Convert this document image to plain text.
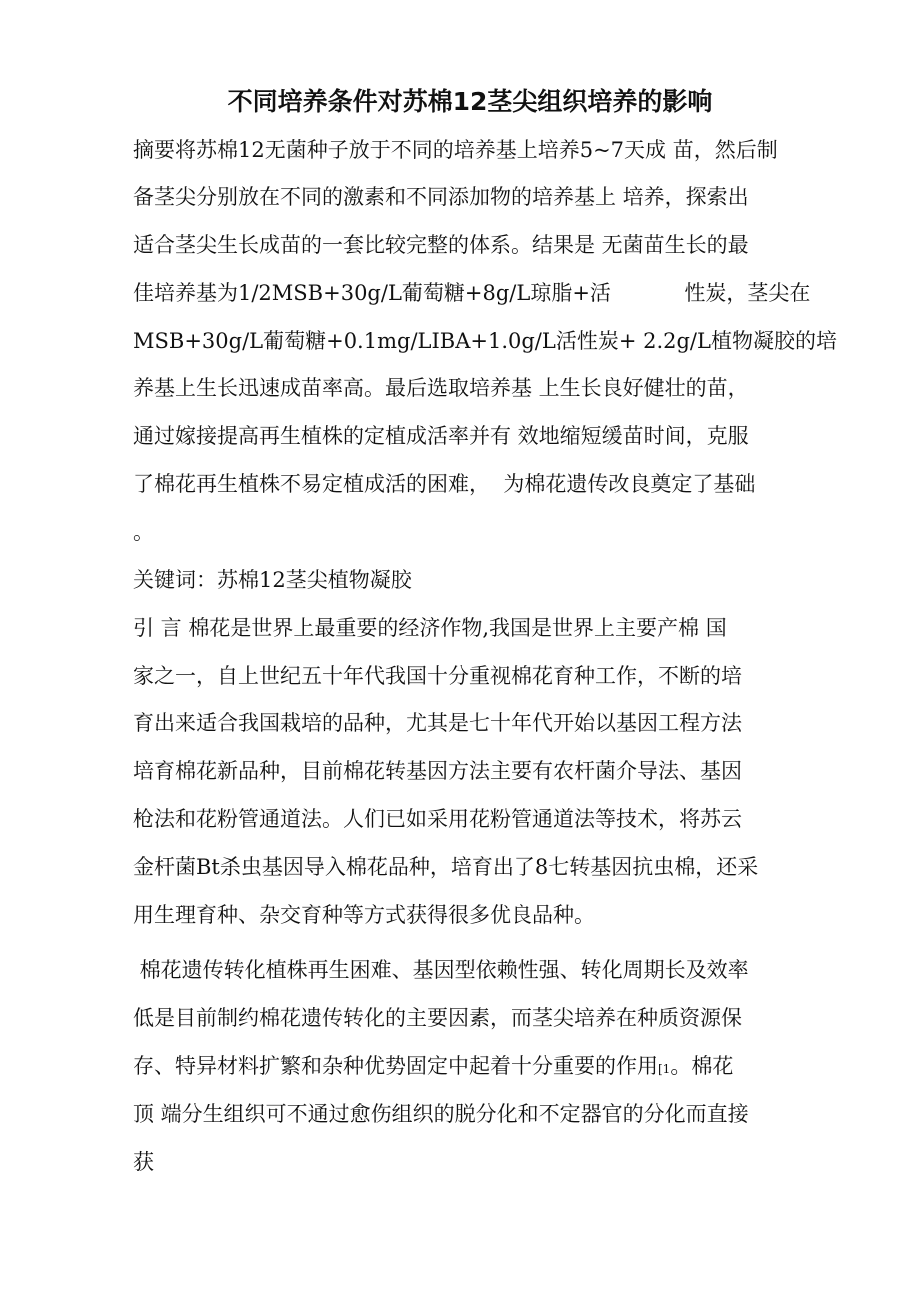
不同培养条件对苏棉12茎尖组织培养的影响
摘要将苏棉12无菌种子放于不同的培养基上培养5~7天成 苗，然后制
备茎尖分别放在不同的激素和不同添加物的培养基上 培养，探索出
适合茎尖生长成苗的一套比较完整的体系。结果是 无菌苗生长的最
佳培养基为1/2MSB+30g/L葡萄糖+8g/L琼脂+活           性炭，茎尖在
MSB+30g/L葡萄糖+0.1mg/LIBA+1.0g/L活性炭+ 2.2g/L植物凝胶的培
养基上生长迅速成苗率高。最后选取培养基 上生长良好健壮的苗，
通过嫁接提高再生植株的定植成活率并有 效地缩短缓苗时间，克服
了棉花再生植株不易定植成活的困难，  为棉花遗传改良奠定了基础
。
关键词：苏棉12茎尖植物凝胶
引 言 棉花是世界上最重要的经济作物,我国是世界上主要产棉 国
家之一，自上世纪五十年代我国十分重视棉花育种工作，不断的培
育出来适合我国栽培的品种，尤其是七十年代开始以基因工程方法
培育棉花新品种，目前棉花转基因方法主要有农杆菌介导法、基因
枪法和花粉管通道法。人们已如采用花粉管通道法等技术，将苏云
金杆菌Bt杀虫基因导入棉花品种，培育出了8七转基因抗虫棉，还采
用生理育种、杂交育种等方式获得很多优良品种。
棉花遗传转化植株再生困难、基因型依赖性强、转化周期长及效率
低是目前制约棉花遗传转化的主要因素，而茎尖培养在种质资源保
存、特异材料扩繁和杂种优势固定中起着十分重要的作用[1。棉花
顶 端分生组织可不通过愈伤组织的脱分化和不定器官的分化而直接
获
